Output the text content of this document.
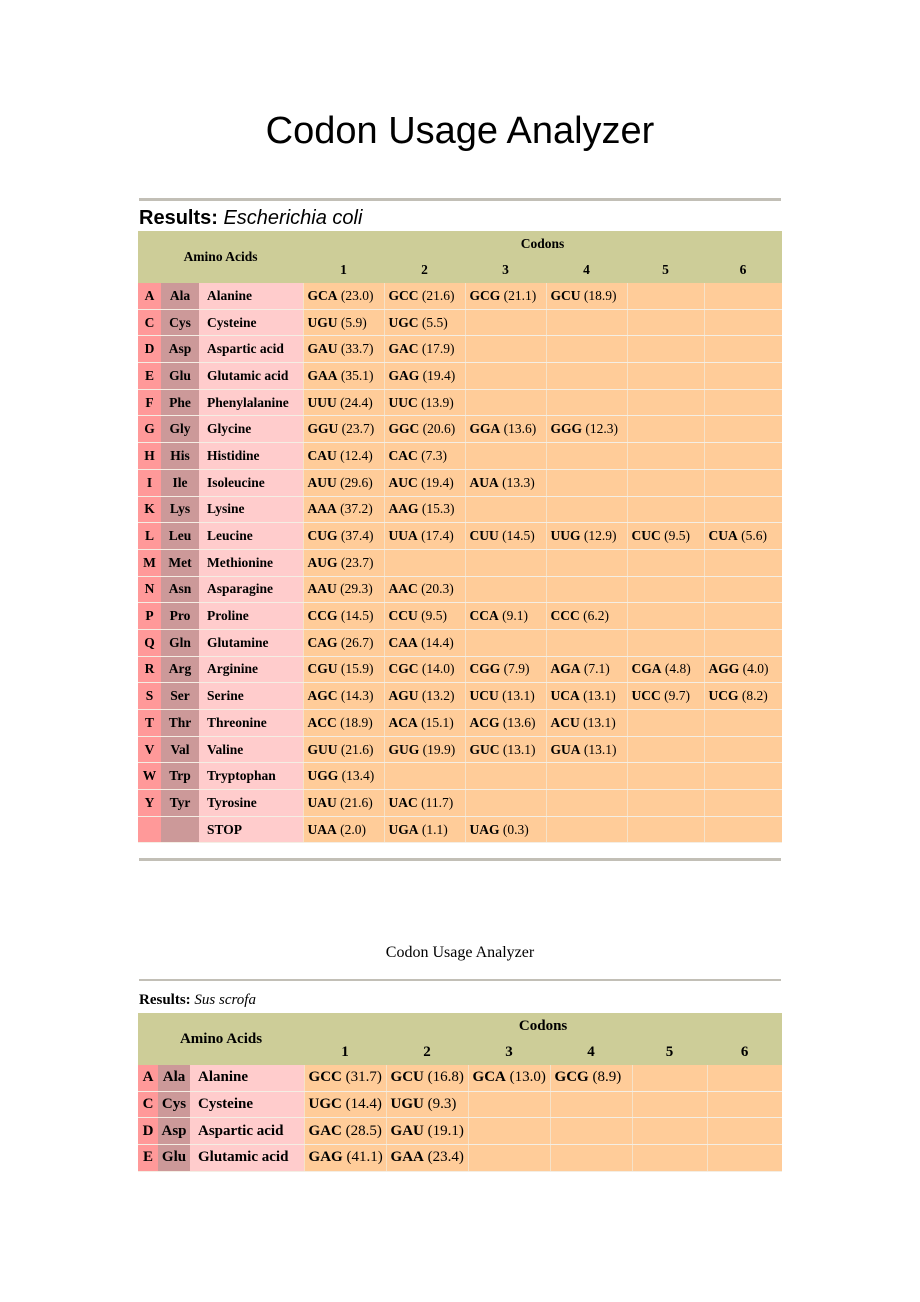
Codon Usage Analyzer
Results: Escherichia coli
Amino Acids			Codons					
			1	2	3	4	5	6
A	Ala	Alanine	GCA (23.0)	GCC (21.6)	GCG (21.1)	GCU (18.9)		
C	Cys	Cysteine	UGU (5.9)	UGC (5.5)				
D	Asp	Aspartic acid	GAU (33.7)	GAC (17.9)				
E	Glu	Glutamic acid	GAA (35.1)	GAG (19.4)				
F	Phe	Phenylalanine	UUU (24.4)	UUC (13.9)				
G	Gly	Glycine	GGU (23.7)	GGC (20.6)	GGA (13.6)	GGG (12.3)		
H	His	Histidine	CAU (12.4)	CAC (7.3)				
I	Ile	Isoleucine	AUU (29.6)	AUC (19.4)	AUA (13.3)			
K	Lys	Lysine	AAA (37.2)	AAG (15.3)				
L	Leu	Leucine	CUG (37.4)	UUA (17.4)	CUU (14.5)	UUG (12.9)	CUC (9.5)	CUA (5.6)
M	Met	Methionine	AUG (23.7)					
N	Asn	Asparagine	AAU (29.3)	AAC (20.3)				
P	Pro	Proline	CCG (14.5)	CCU (9.5)	CCA (9.1)	CCC (6.2)		
Q	Gln	Glutamine	CAG (26.7)	CAA (14.4)				
R	Arg	Arginine	CGU (15.9)	CGC (14.0)	CGG (7.9)	AGA (7.1)	CGA (4.8)	AGG (4.0)
S	Ser	Serine	AGC (14.3)	AGU (13.2)	UCU (13.1)	UCA (13.1)	UCC (9.7)	UCG (8.2)
T	Thr	Threonine	ACC (18.9)	ACA (15.1)	ACG (13.6)	ACU (13.1)		
V	Val	Valine	GUU (21.6)	GUG (19.9)	GUC (13.1)	GUA (13.1)		
W	Trp	Tryptophan	UGG (13.4)					
Y	Tyr	Tyrosine	UAU (21.6)	UAC (11.7)				
		STOP	UAA (2.0)	UGA (1.1)	UAG (0.3)			
Codon Usage Analyzer
Results: Sus scrofa
Amino Acids			Codons					
			1	2	3	4	5	6
A	Ala	Alanine	GCC (31.7)	GCU (16.8)	GCA (13.0)	GCG (8.9)		
C	Cys	Cysteine	UGC (14.4)	UGU (9.3)				
D	Asp	Aspartic acid	GAC (28.5)	GAU (19.1)				
E	Glu	Glutamic acid	GAG (41.1)	GAA (23.4)				
